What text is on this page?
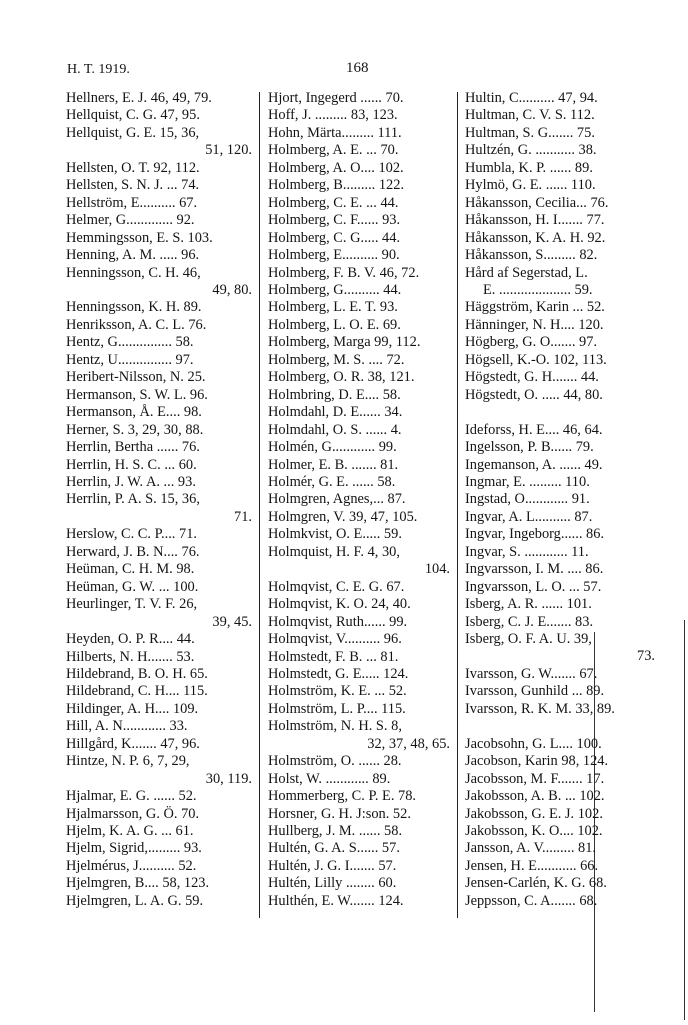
H. T. 1919.	168
Hellners, E. J. 46, 49, 79.
Hellquist, C. G. 47, 95.
Hellquist, G. E. 15, 36,
51, 120.
Hellsten, O. T. 92, 112.
Hellsten, S. N. J. ... 74.
Hellström, E.......... 67.
Helmer, G............. 92.
Hemmingsson, E. S. 103.
Henning, A. M. ..... 96.
Henningsson, C. H. 46,
49, 80.
Henningsson, K. H. 89.
Henriksson, A. C. L. 76.
Hentz, G............... 58.
Hentz, U............... 97.
Heribert-Nilsson, N. 25.
Hermanson, S. W. L. 96.
Hermanson, Å. E.... 98.
Herner, S. 3, 29, 30, 88.
Herrlin, Bertha ...... 76.
Herrlin, H. S. C. ... 60.
Herrlin, J. W. A. ... 93.
Herrlin, P. A. S. 15, 36,
71.
Herslow, C. C. P.... 71.
Herward, J. B. N.... 76.
Heüman, C. H. M. 98.
Heüman, G. W. ... 100.
Heurlinger, T. V. F. 26,
39, 45.
Heyden, O. P. R.... 44.
Hilberts, N. H....... 53.
Hildebrand, B. O. H. 65.
Hildebrand, C. H.... 115.
Hildinger, A. H.... 109.
Hill, A. N............ 33.
Hillgård, K....... 47, 96.
Hintze, N. P. 6, 7, 29,
30, 119.
Hjalmar, E. G. ...... 52.
Hjalmarsson, G. Ö. 70.
Hjelm, K. A. G. ... 61.
Hjelm, Sigrid,......... 93.
Hjelmérus, J.......... 52.
Hjelmgren, B.... 58, 123.
Hjelmgren, L. A. G. 59.
Hjort, Ingegerd ...... 70.
Hoff, J. ......... 83, 123.
Hohn, Märta......... 111.
Holmberg, A. E. ... 70.
Holmberg, A. O.... 102.
Holmberg, B......... 122.
Holmberg, C. E. ... 44.
Holmberg, C. F...... 93.
Holmberg, C. G..... 44.
Holmberg, E.......... 90.
Holmberg, F. B. V. 46, 72.
Holmberg, G.......... 44.
Holmberg, L. E. T. 93.
Holmberg, L. O. E. 69.
Holmberg, Marga 99, 112.
Holmberg, M. S. .... 72.
Holmberg, O. R. 38, 121.
Holmbring, D. E.... 58.
Holmdahl, D. E...... 34.
Holmdahl, O. S. ...... 4.
Holmén, G............ 99.
Holmer, E. B. ....... 81.
Holmér, G. E. ...... 58.
Holmgren, Agnes,... 87.
Holmgren, V. 39, 47, 105.
Holmkvist, O. E..... 59.
Holmquist, H. F. 4, 30,
104.
Holmqvist, C. E. G. 67.
Holmqvist, K. O. 24, 40.
Holmqvist, Ruth...... 99.
Holmqvist, V.......... 96.
Holmstedt, F. B. ... 81.
Holmstedt, G. E..... 124.
Holmström, K. E. ... 52.
Holmström, L. P.... 115.
Holmström, N. H. S. 8,
32, 37, 48, 65.
Holmström, O. ...... 28.
Holst, W. ............ 89.
Hommerberg, C. P. E. 78.
Horsner, G. H. J:son. 52.
Hullberg, J. M. ...... 58.
Hultén, G. A. S...... 57.
Hultén, J. G. I....... 57.
Hultén, Lilly ........ 60.
Hulthén, E. W....... 124.
Hultin, C.......... 47, 94.
Hultman, C. V. S. 112.
Hultman, S. G....... 75.
Hultzén, G. ........... 38.
Humbla, K. P. ...... 89.
Hylmö, G. E. ...... 110.
Håkansson, Cecilia... 76.
Håkansson, H. I....... 77.
Håkansson, K. A. H. 92.
Håkansson, S......... 82.
Hård af Segerstad, L.
E. .................... 59.
Häggström, Karin ... 52.
Hänninger, N. H.... 120.
Högberg, G. O....... 97.
Högsell, K.-O. 102, 113.
Högstedt, G. H....... 44.
Högstedt, O. ..... 44, 80.
Ideforss, H. E.... 46, 64.
Ingelsson, P. B...... 79.
Ingemanson, A. ...... 49.
Ingmar, E. ......... 110.
Ingstad, O............ 91.
Ingvar, A. L.......... 87.
Ingvar, Ingeborg...... 86.
Ingvar, S. ............ 11.
Ingvarsson, I. M. .... 86.
Ingvarsson, L. O. ... 57.
Isberg, A. R. ...... 101.
Isberg, C. J. E....... 83.
Isberg, O. F. A. U. 39,
73.
Ivarsson, G. W....... 67.
Ivarsson, Gunhild ... 89.
Ivarsson, R. K. M. 33, 89.
Jacobsohn, G. L.... 100.
Jacobson, Karin 98, 124.
Jacobsson, M. F....... 17.
Jakobsson, A. B. ... 102.
Jakobsson, G. E. J. 102.
Jakobsson, K. O.... 102.
Jansson, A. V......... 81.
Jensen, H. E........... 66.
Jensen-Carlén, K. G. 68.
Jeppsson, C. A....... 68.
